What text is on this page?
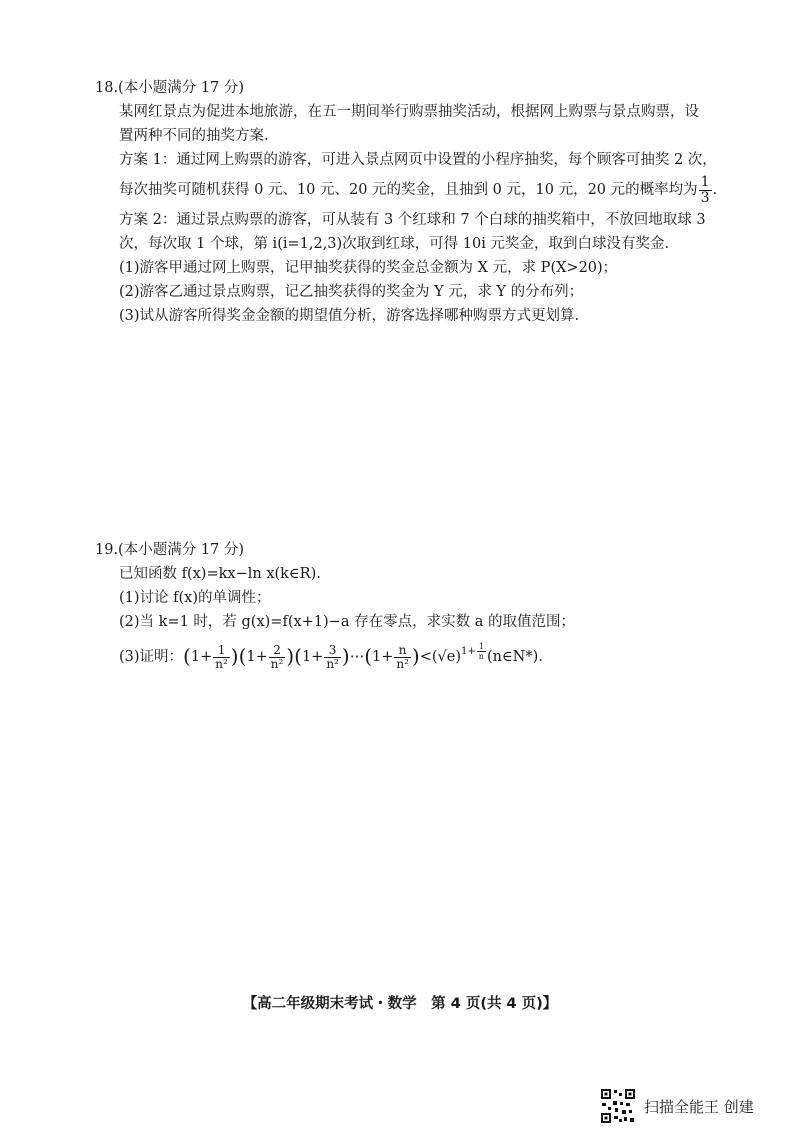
18.(本小题满分 17 分)
某网红景点为促进本地旅游，在五一期间举行购票抽奖活动，根据网上购票与景点购票，设
置两种不同的抽奖方案.
方案 1：通过网上购票的游客，可进入景点网页中设置的小程序抽奖，每个顾客可抽奖 2 次，
每次抽奖可随机获得 0 元、10 元、20 元的奖金，且抽到 0 元，10 元，20 元的概率均为 $\frac{1}{3}$ .
方案 2：通过景点购票的游客，可从装有 3 个红球和 7 个白球的抽奖箱中，不放回地取球 3
次，每次取 1 个球，第 i(i=1,2,3)次取到红球，可得 10i 元奖金，取到白球没有奖金.
(1)游客甲通过网上购票，记甲抽奖获得的奖金总金额为 X 元，求 P(X>20)；
(2)游客乙通过景点购票，记乙抽奖获得的奖金为 Y 元，求 Y 的分布列；
(3)试从游客所得奖金金额的期望值分析，游客选择哪种购票方式更划算.
19.(本小题满分 17 分)
已知函数 f(x)=kx−ln x(k∈R).
(1)讨论 f(x)的单调性；
(2)当 k=1 时，若 g(x)=f(x+1)−a 存在零点，求实数 a 的取值范围；
(3)证明：$(1+ \frac{1}{\text{n²}} )(1+ \frac{2}{\text{n²}} )(1+ \frac{3}{\text{n²}}$ )⋯(1+ $\frac{n}{\text{n²}} )<(√e)^{1+ \frac{1}{n}}$ (n∈N*).
【高二年级期末考试・数学　第 4 页(共 4 页)】
扫描全能王 创建
